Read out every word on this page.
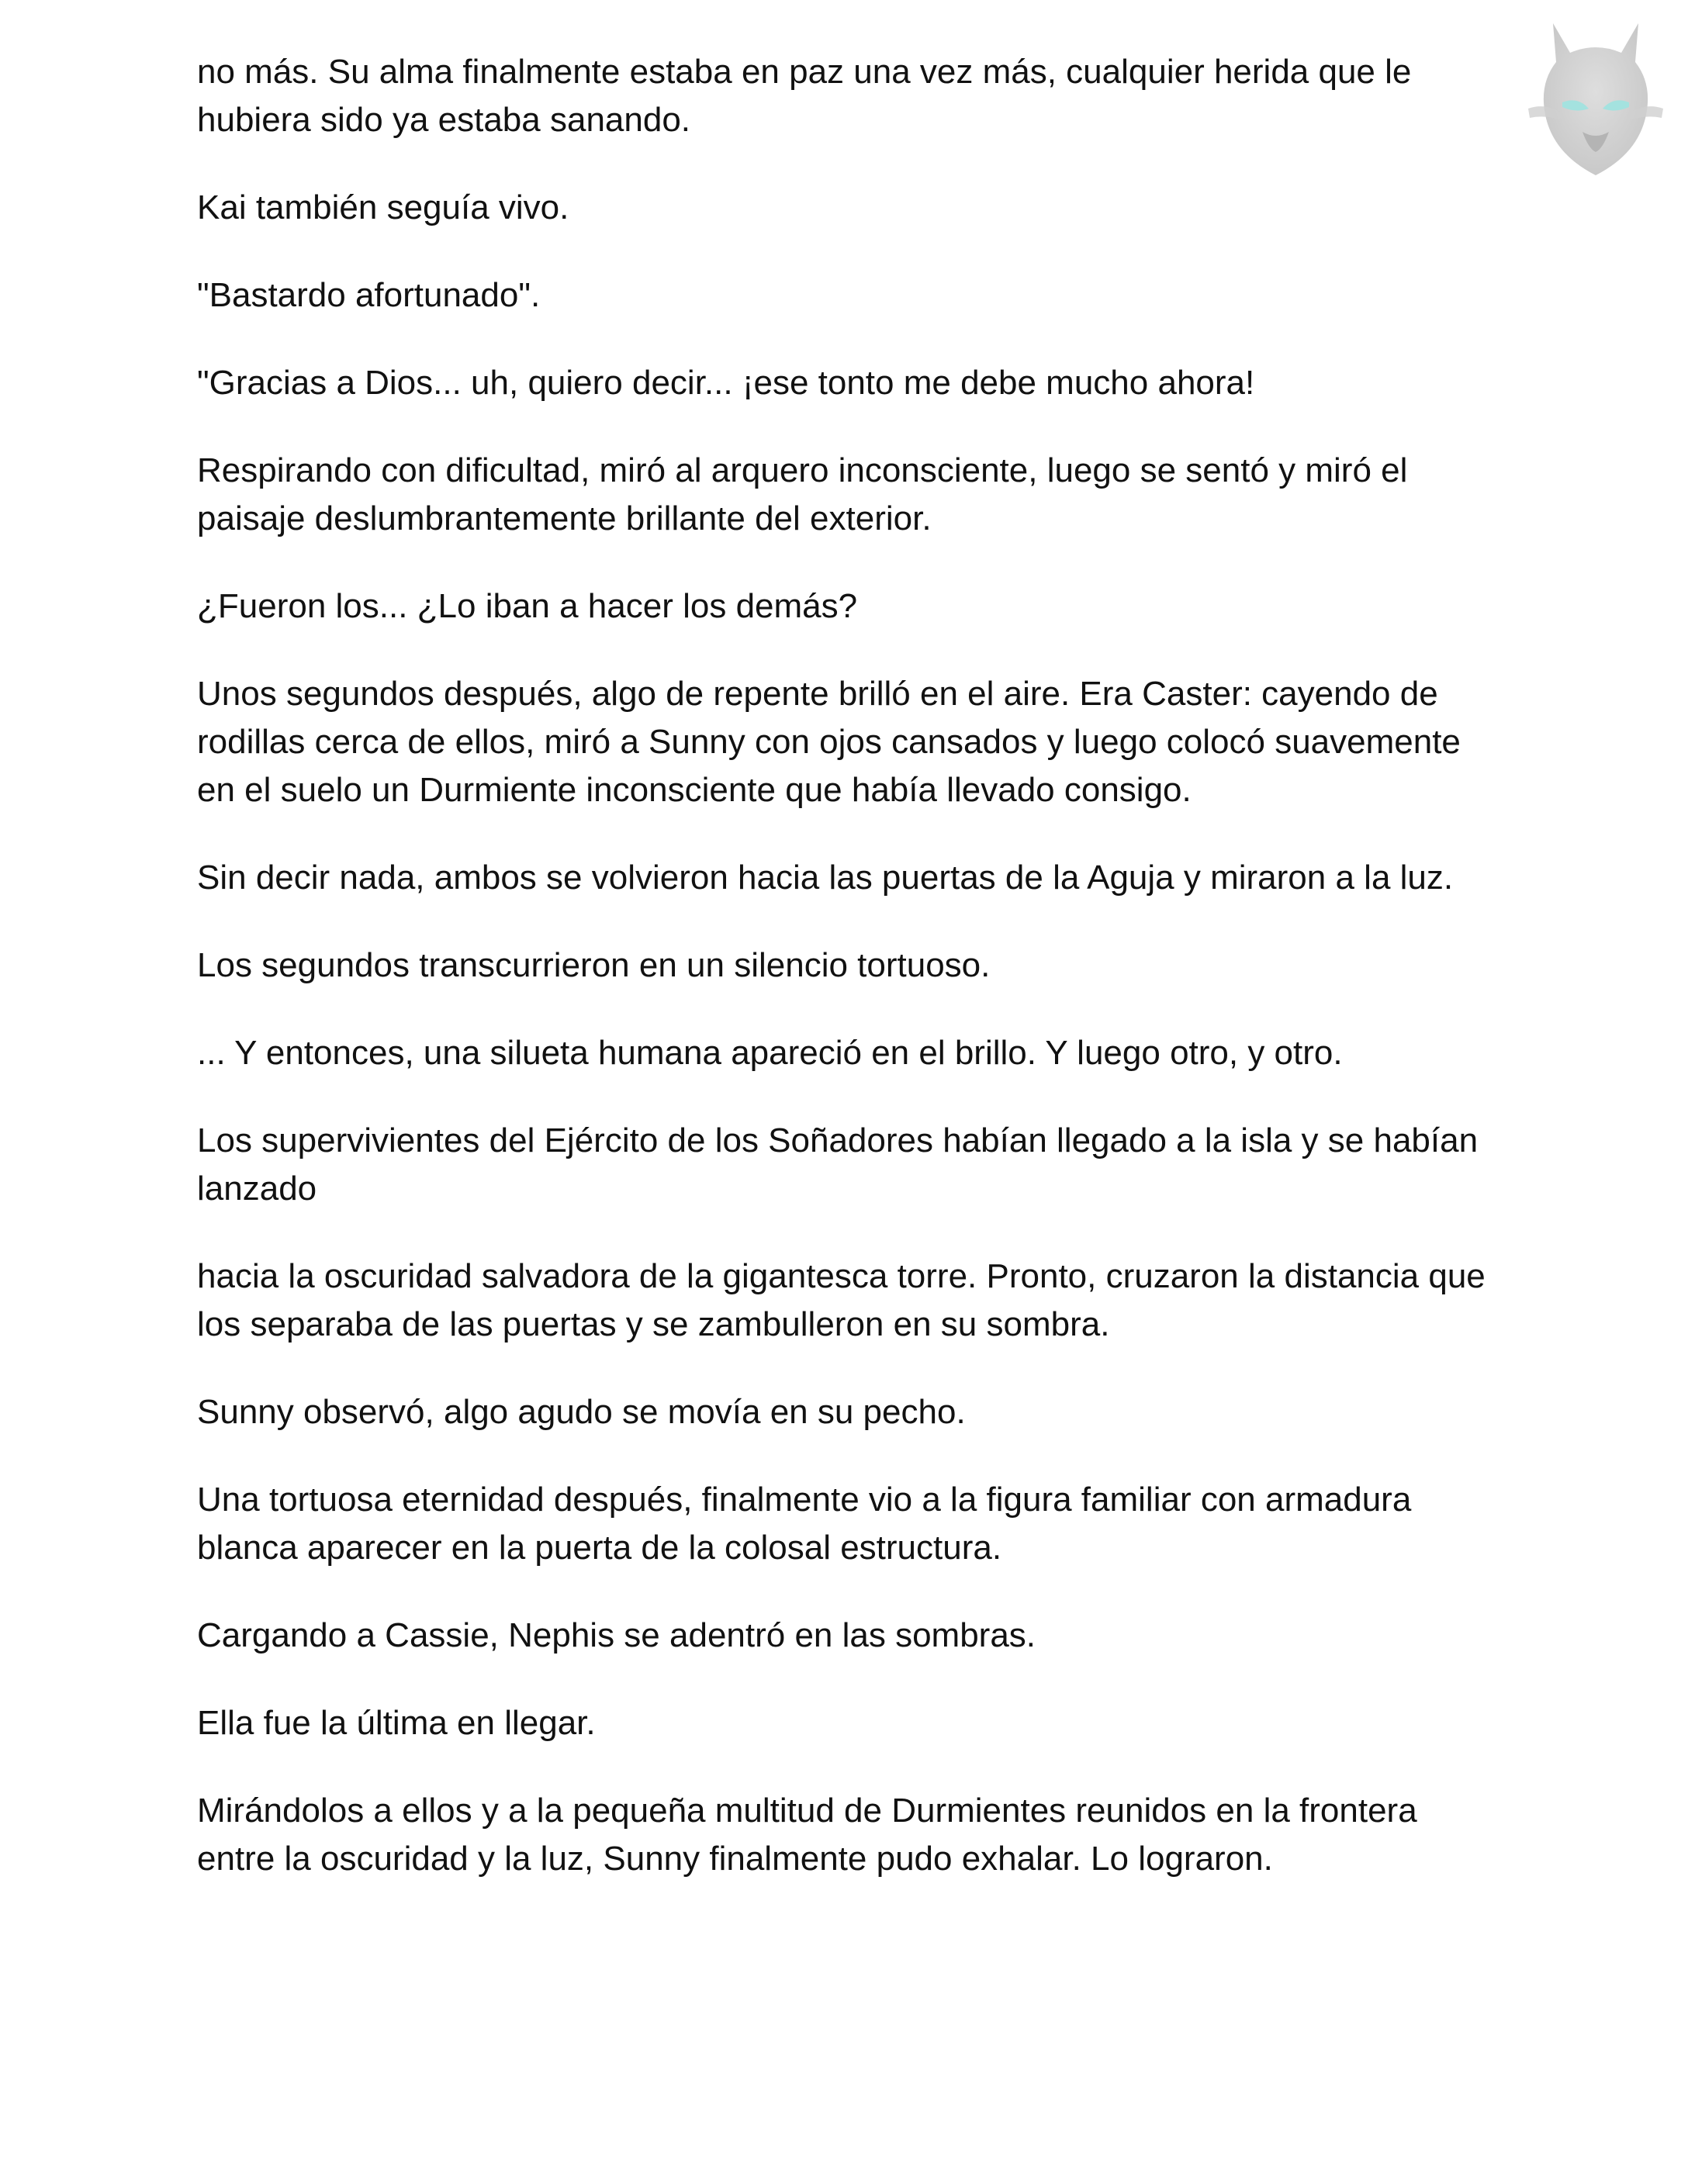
no más. Su alma finalmente estaba en paz una vez más, cualquier herida que le hubiera sido ya estaba sanando.

Kai también seguía vivo.

"Bastardo afortunado".

"Gracias a Dios... uh, quiero decir... ¡ese tonto me debe mucho ahora!

Respirando con dificultad, miró al arquero inconsciente, luego se sentó y miró el paisaje deslumbrantemente brillante del exterior.

¿Fueron los... ¿Lo iban a hacer los demás?

Unos segundos después, algo de repente brilló en el aire. Era Caster: cayendo de rodillas cerca de ellos, miró a Sunny con ojos cansados y luego colocó suavemente en el suelo un Durmiente inconsciente que había llevado consigo.

Sin decir nada, ambos se volvieron hacia las puertas de la Aguja y miraron a la luz.

Los segundos transcurrieron en un silencio tortuoso.

... Y entonces, una silueta humana apareció en el brillo. Y luego otro, y otro.

Los supervivientes del Ejército de los Soñadores habían llegado a la isla y se habían lanzado

hacia la oscuridad salvadora de la gigantesca torre. Pronto, cruzaron la distancia que los separaba de las puertas y se zambulleron en su sombra.

Sunny observó, algo agudo se movía en su pecho.

Una tortuosa eternidad después, finalmente vio a la figura familiar con armadura blanca aparecer en la puerta de la colosal estructura.

Cargando a Cassie, Nephis se adentró en las sombras.

Ella fue la última en llegar.

Mirándolos a ellos y a la pequeña multitud de Durmientes reunidos en la frontera entre la oscuridad y la luz, Sunny finalmente pudo exhalar. Lo lograron.
